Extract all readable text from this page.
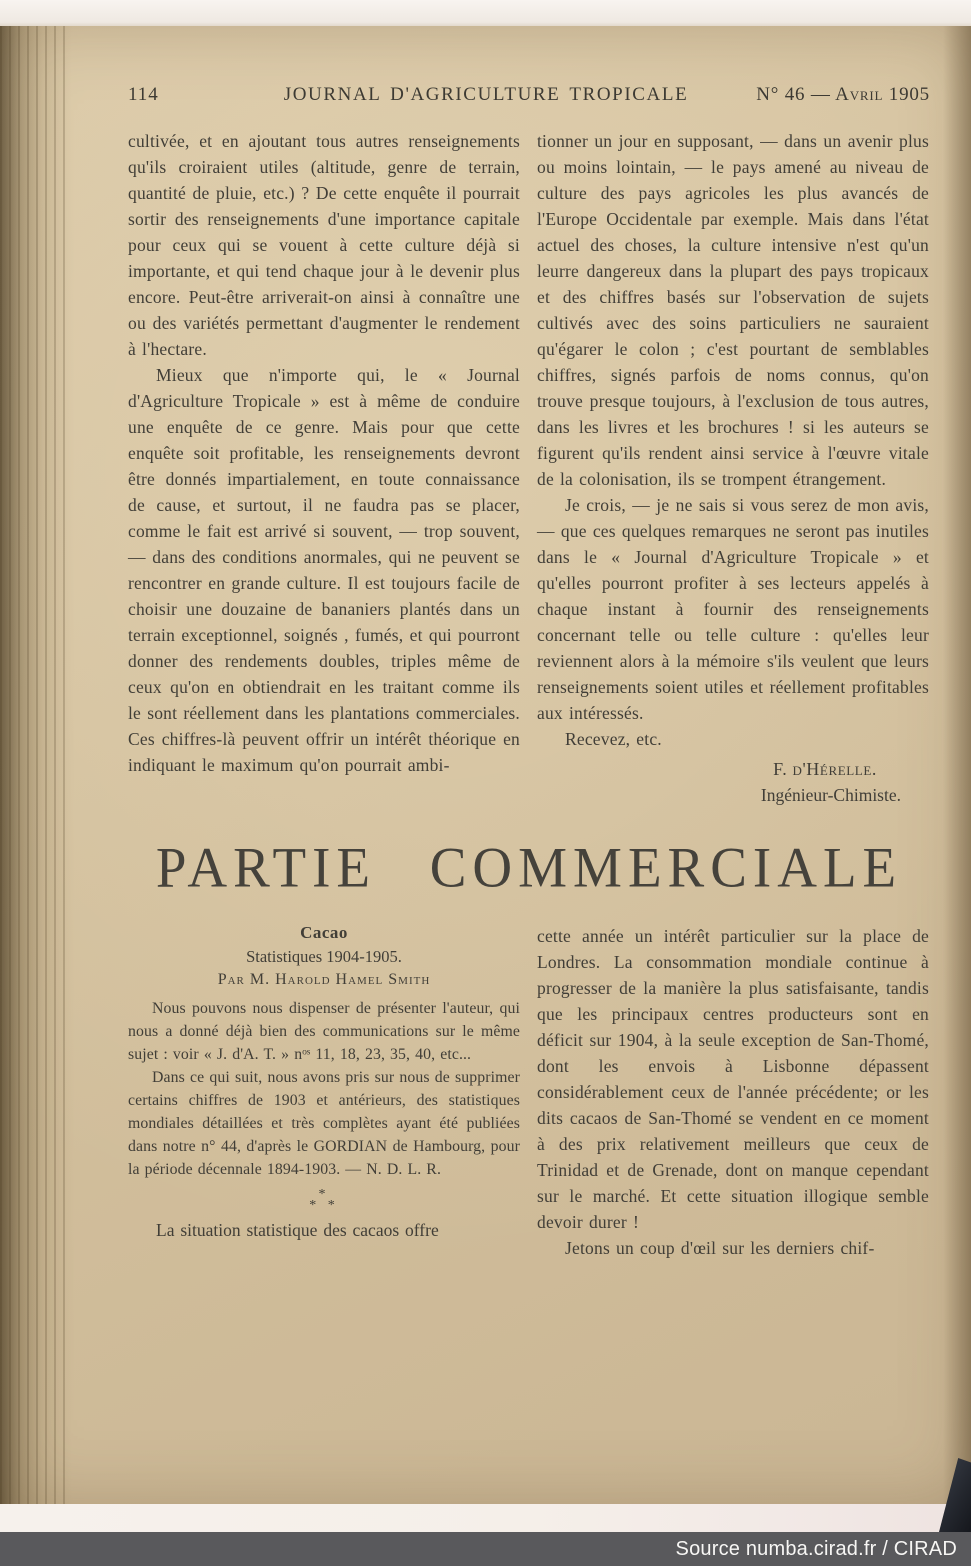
114	JOURNAL D'AGRICULTURE TROPICALE	N° 46 — Avril 1905

cultivée, et en ajoutant tous autres renseignements qu'ils croiraient utiles (altitude, genre de terrain, quantité de pluie, etc.) ? De cette enquête il pourrait sortir des renseignements d'une importance capitale pour ceux qui se vouent à cette culture déjà si importante, et qui tend chaque jour à le devenir plus encore. Peut-être arriverait-on ainsi à connaître une ou des variétés permettant d'augmenter le rendement à l'hectare.

Mieux que n'importe qui, le « Journal d'Agriculture Tropicale » est à même de conduire une enquête de ce genre. Mais pour que cette enquête soit profitable, les renseignements devront être donnés impartialement, en toute connaissance de cause, et surtout, il ne faudra pas se placer, comme le fait est arrivé si souvent, — trop souvent, — dans des conditions anormales, qui ne peuvent se rencontrer en grande culture. Il est toujours facile de choisir une douzaine de bananiers plantés dans un terrain exceptionnel, soignés , fumés, et qui pourront donner des rendements doubles, triples même de ceux qu'on en obtiendrait en les traitant comme ils le sont réellement dans les plantations commerciales. Ces chiffres-là peuvent offrir un intérêt théorique en indiquant le maximum qu'on pourrait ambi-

tionner un jour en supposant, — dans un avenir plus ou moins lointain, — le pays amené au niveau de culture des pays agricoles les plus avancés de l'Europe Occidentale par exemple. Mais dans l'état actuel des choses, la culture intensive n'est qu'un leurre dangereux dans la plupart des pays tropicaux et des chiffres basés sur l'observation de sujets cultivés avec des soins particuliers ne sauraient qu'égarer le colon ; c'est pourtant de semblables chiffres, signés parfois de noms connus, qu'on trouve presque toujours, à l'exclusion de tous autres, dans les livres et les brochures ! si les auteurs se figurent qu'ils rendent ainsi service à l'œuvre vitale de la colonisation, ils se trompent étrangement.

Je crois, — je ne sais si vous serez de mon avis, — que ces quelques remarques ne seront pas inutiles dans le « Journal d'Agriculture Tropicale » et qu'elles pourront profiter à ses lecteurs appelés à chaque instant à fournir des renseignements concernant telle ou telle culture : qu'elles leur reviennent alors à la mémoire s'ils veulent que leurs renseignements soient utiles et réellement profitables aux intéressés.

Recevez, etc.

F. d'Hérelle.

Ingénieur-Chimiste.

PARTIE COMMERCIALE

Cacao

Statistiques 1904-1905.

Par M. Harold Hamel Smith

Nous pouvons nous dispenser de présenter l'auteur, qui nous a donné déjà bien des communications sur le même sujet : voir « J. d'A. T. » nᵒˢ 11, 18, 23, 35, 40, etc...

Dans ce qui suit, nous avons pris sur nous de supprimer certains chiffres de 1903 et antérieurs, des statistiques mondiales détaillées et très complètes ayant été publiées dans notre n° 44, d'après le GORDIAN de Hambourg, pour la période décennale 1894-1903. — N. D. L. R.

*
* *

La situation statistique des cacaos offre

cette année un intérêt particulier sur la place de Londres. La consommation mondiale continue à progresser de la manière la plus satisfaisante, tandis que les principaux centres producteurs sont en déficit sur 1904, à la seule exception de San-Thomé, dont les envois à Lisbonne dépassent considérablement ceux de l'année précédente; or les dits cacaos de San-Thomé se vendent en ce moment à des prix relativement meilleurs que ceux de Trinidad et de Grenade, dont on manque cependant sur le marché. Et cette situation illogique semble devoir durer !

Jetons un coup d'œil sur les derniers chif-

Source numba.cirad.fr / CIRAD
